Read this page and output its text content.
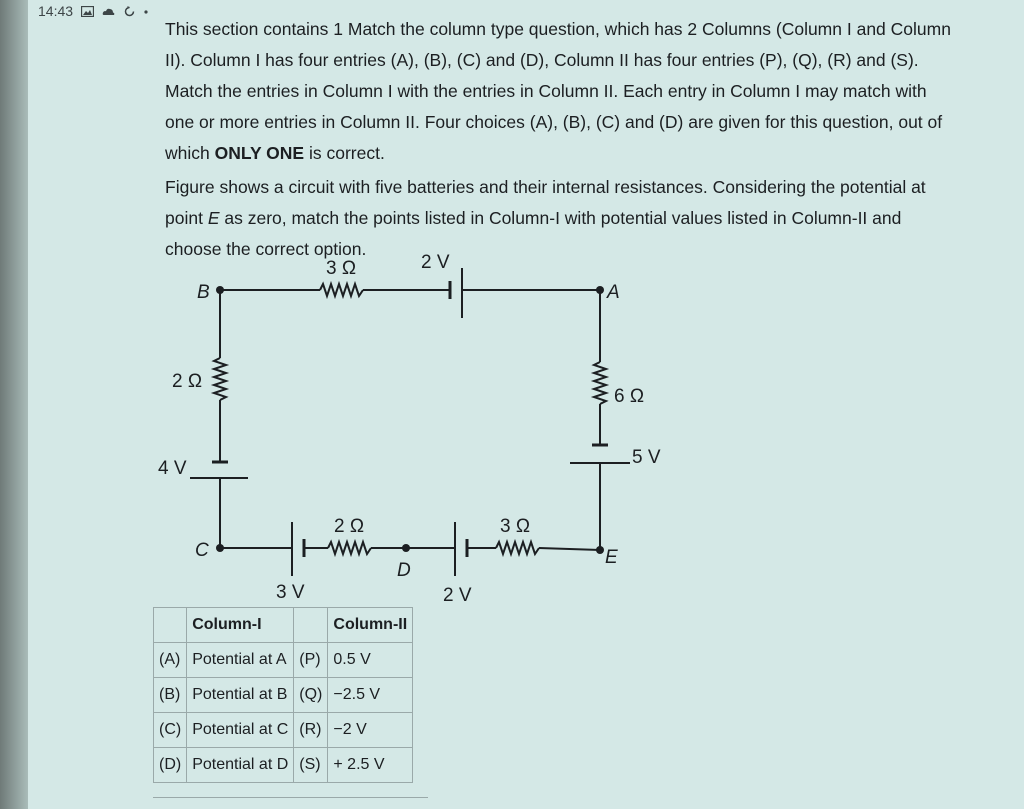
14:43

This section contains 1 Match the column type question, which has 2 Columns (Column I and Column II). Column I has four entries (A), (B), (C) and (D), Column II has four entries (P), (Q), (R) and (S). Match the entries in Column I with the entries in Column II. Each entry in Column I may match with one or more entries in Column II. Four choices (A), (B), (C) and (D) are given for this question, out of which ONLY ONE is correct.

Figure shows a circuit with five batteries and their internal resistances. Considering the potential at point E as zero, match the points listed in Column-I with potential values listed in Column-II and choose the correct option.

B	A
C
D
E
3 Ω	2 V
2 Ω
4 V
6 Ω
5 V
2 Ω
3 V
3 Ω
2 V
	Column-I		Column-II
(A)	Potential at A	(P)	0.5 V
(B)	Potential at B	(Q)	−2.5 V
(C)	Potential at C	(R)	−2 V
(D)	Potential at D	(S)	+ 2.5 V
